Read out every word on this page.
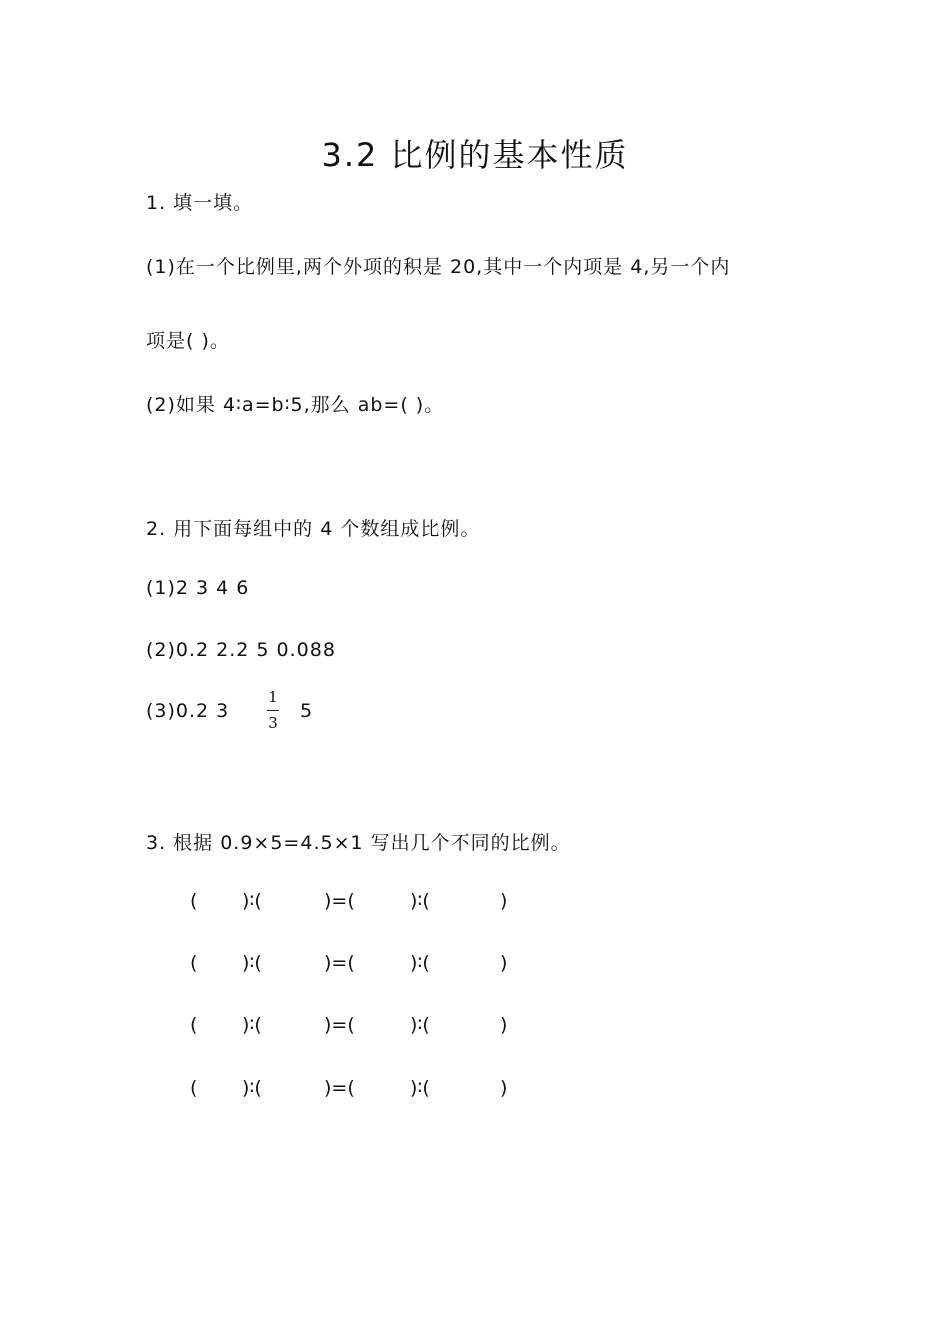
3.2 比例的基本性质
1. 填一填。
(1)在一个比例里,两个外项的积是 20,其中一个内项是 4,另一个内
项是( )。
(2)如果 4∶a=b∶5,那么 ab=( )。
2. 用下面每组中的 4 个数组成比例。
(1)2 3 4 6
(2)0.2 2.2 5 0.088
(3)0.2 3
1
3
5
3. 根据 0.9×5=4.5×1 写出几个不同的比例。
( )∶(	)=(	)∶(	)
( )∶(	)=(	)∶(	)
( )∶(	)=(	)∶(	)
( )∶(	)=(	)∶(	)
